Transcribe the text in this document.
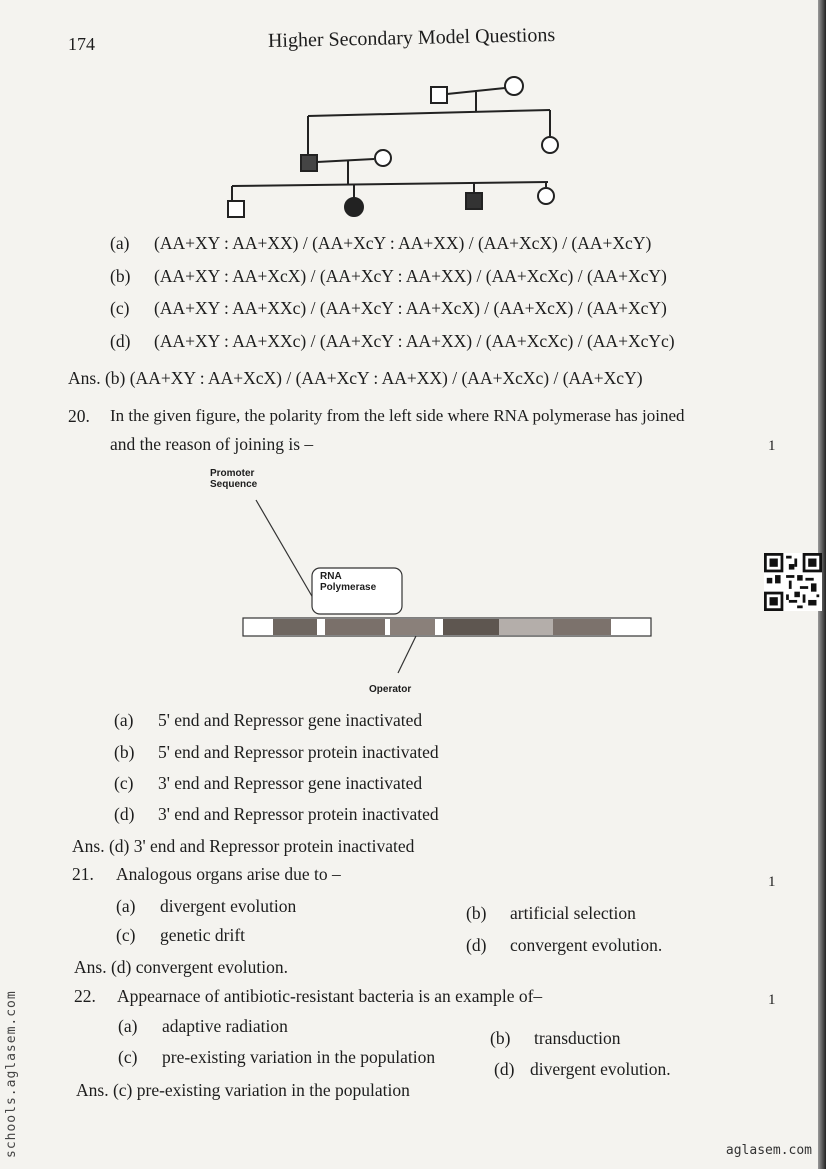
174	Higher Secondary Model Questions
(a) (AA+XY : AA+XX) / (AA+XcY : AA+XX) / (AA+XcX) / (AA+XcY)
(b) (AA+XY : AA+XcX) / (AA+XcY : AA+XX) / (AA+XcXc) / (AA+XcY)
(c) (AA+XY : AA+XXc) / (AA+XcY : AA+XcX) / (AA+XcX) / (AA+XcY)
(d) (AA+XY : AA+XXc) / (AA+XcY : AA+XX) / (AA+XcXc) / (AA+XcYc)
Ans. (b) (AA+XY : AA+XcX) / (AA+XcY : AA+XX) / (AA+XcXc) / (AA+XcY)
20. In the given figure, the polarity from the left side where RNA polymerase has joined
and the reason of joining is –	1
Promoter
Sequence
RNA
Polymerase
Operator
(a) 5' end and Repressor gene inactivated
(b) 5' end and Repressor protein inactivated
(c) 3' end and Repressor gene inactivated
(d) 3' end and Repressor protein inactivated
Ans. (d) 3' end and Repressor protein inactivated
21. Analogous organs arise due to –	1
(a) divergent evolution	(b) artificial selection
(c) genetic drift	(d) convergent evolution.
Ans. (d) convergent evolution.
22. Appearnace of antibiotic-resistant bacteria is an example of–	1
(a) adaptive radiation
(b) transduction
(c) pre-existing variation in the population
(d) divergent evolution.
Ans. (c) pre-existing variation in the population
schools.aglasem.com	aglasem.com
